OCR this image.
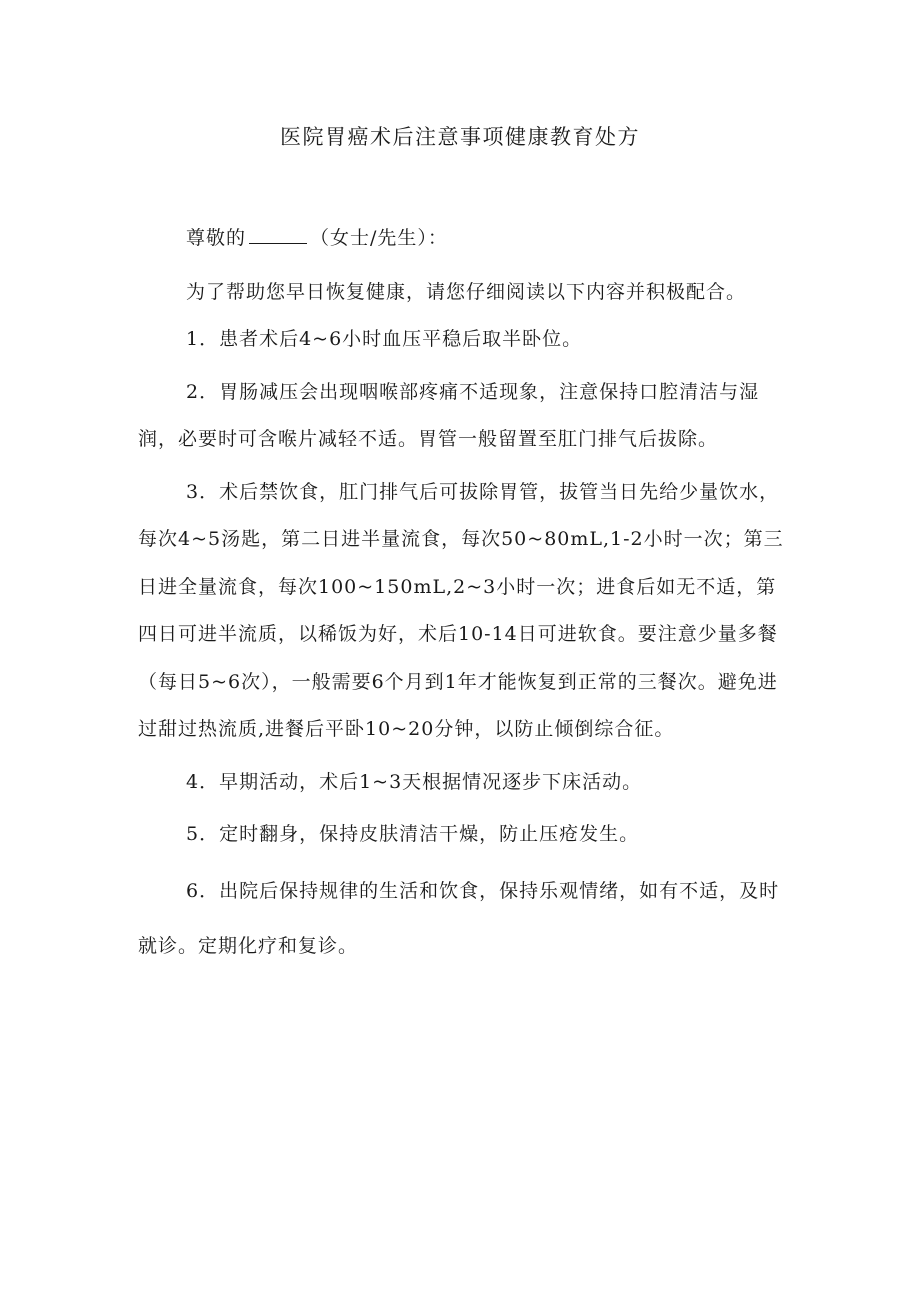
医院胃癌术后注意事项健康教育处方

尊敬的	（女士/先生）：

为了帮助您早日恢复健康，请您仔细阅读以下内容并积极配合。

1．患者术后4~6小时血压平稳后取半卧位。

2．胃肠减压会出现咽喉部疼痛不适现象，注意保持口腔清洁与湿润，必要时可含喉片减轻不适。胃管一般留置至肛门排气后拔除。

3．术后禁饮食，肛门排气后可拔除胃管，拔管当日先给少量饮水，每次4~5汤匙，第二日进半量流食，每次50~80mL,1-2小时一次；第三日进全量流食，每次100~150mL,2~3小时一次；进食后如无不适，第四日可进半流质，以稀饭为好，术后10-14日可进软食。要注意少量多餐（每日5~6次），一般需要6个月到1年才能恢复到正常的三餐次。避免进过甜过热流质,进餐后平卧10~20分钟，以防止倾倒综合征。

4．早期活动，术后1~3天根据情况逐步下床活动。

5．定时翻身，保持皮肤清洁干燥，防止压疮发生。

6．出院后保持规律的生活和饮食，保持乐观情绪，如有不适，及时就诊。定期化疗和复诊。
